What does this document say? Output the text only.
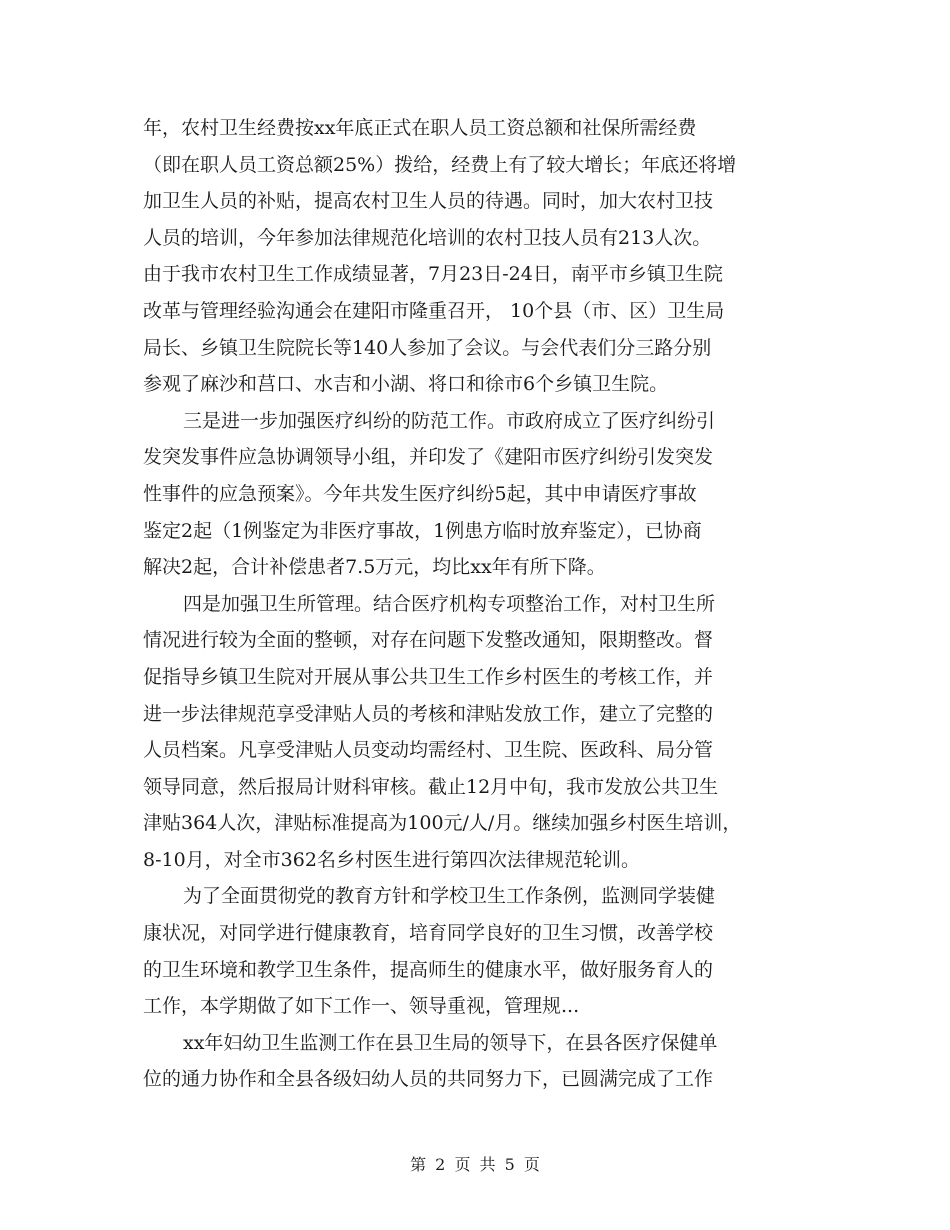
年，农村卫生经费按xx年底正式在职人员工资总额和社保所需经费
（即在职人员工资总额25%）拨给，经费上有了较大增长；年底还将增
加卫生人员的补贴，提高农村卫生人员的待遇。同时，加大农村卫技
人员的培训，今年参加法律规范化培训的农村卫技人员有213人次。
由于我市农村卫生工作成绩显著，7月23日-24日，南平市乡镇卫生院
改革与管理经验沟通会在建阳市隆重召开， 10个县（市、区）卫生局
局长、乡镇卫生院院长等140人参加了会议。与会代表们分三路分别
参观了麻沙和莒口、水吉和小湖、将口和徐市6个乡镇卫生院。
三是进一步加强医疗纠纷的防范工作。市政府成立了医疗纠纷引
发突发事件应急协调领导小组，并印发了《建阳市医疗纠纷引发突发
性事件的应急预案》。今年共发生医疗纠纷5起，其中申请医疗事故
鉴定2起（1例鉴定为非医疗事故，1例患方临时放弃鉴定），已协商
解决2起，合计补偿患者7.5万元，均比xx年有所下降。
四是加强卫生所管理。结合医疗机构专项整治工作，对村卫生所
情况进行较为全面的整顿，对存在问题下发整改通知，限期整改。督
促指导乡镇卫生院对开展从事公共卫生工作乡村医生的考核工作，并
进一步法律规范享受津贴人员的考核和津贴发放工作，建立了完整的
人员档案。凡享受津贴人员变动均需经村、卫生院、医政科、局分管
领导同意，然后报局计财科审核。截止12月中旬，我市发放公共卫生
津贴364人次，津贴标准提高为100元/人/月。继续加强乡村医生培训，
8-10月，对全市362名乡村医生进行第四次法律规范轮训。
为了全面贯彻党的教育方针和学校卫生工作条例，监测同学装健
康状况，对同学进行健康教育，培育同学良好的卫生习惯，改善学校
的卫生环境和教学卫生条件，提高师生的健康水平，做好服务育人的
工作，本学期做了如下工作一、领导重视，管理规...
xx年妇幼卫生监测工作在县卫生局的领导下，在县各医疗保健单
位的通力协作和全县各级妇幼人员的共同努力下，已圆满完成了工作
第 2 页 共 5 页
